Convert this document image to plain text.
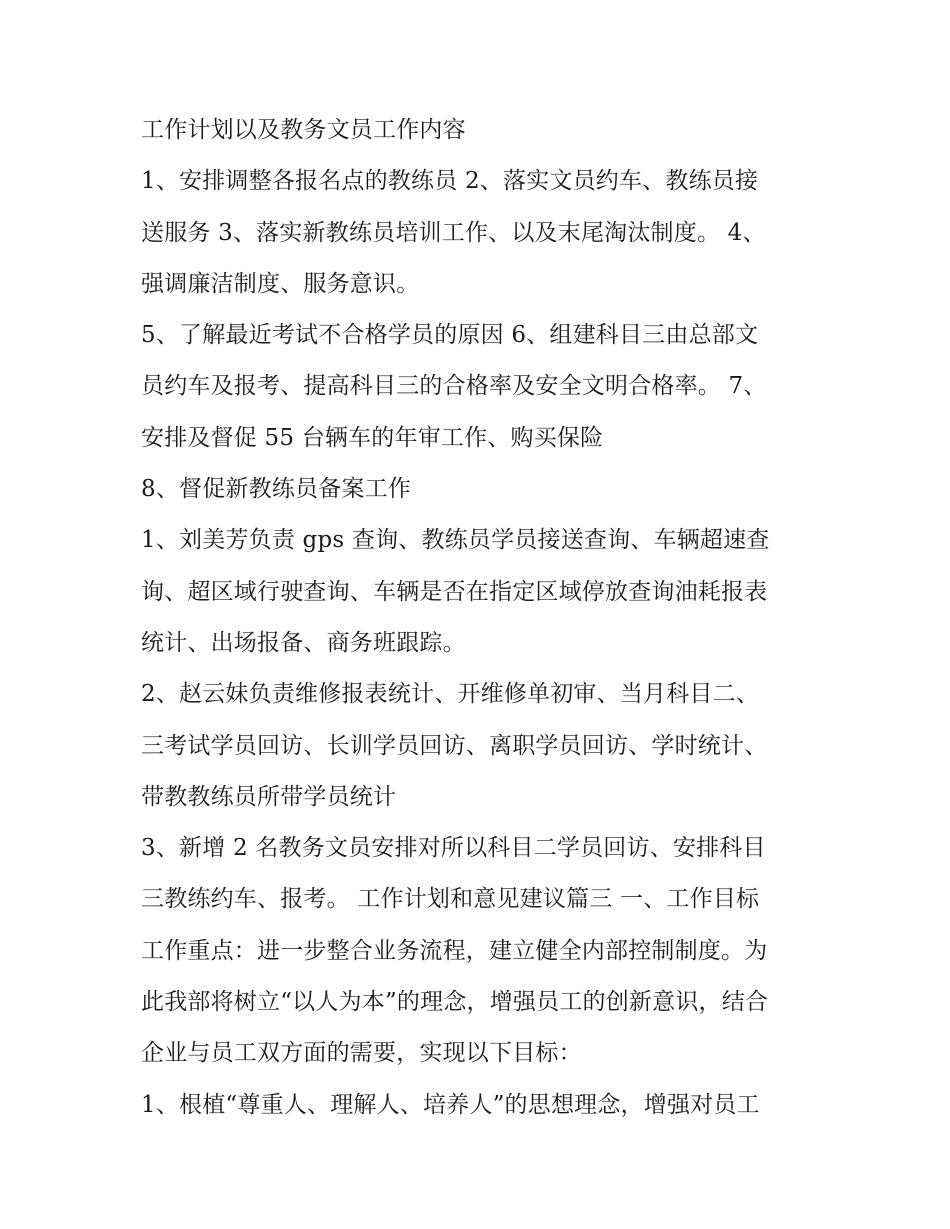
工作计划以及教务文员工作内容

1、安排调整各报名点的教练员 2、落实文员约车、教练员接

送服务 3、落实新教练员培训工作、以及末尾淘汰制度。 4、

强调廉洁制度、服务意识。

5、了解最近考试不合格学员的原因 6、组建科目三由总部文

员约车及报考、提高科目三的合格率及安全文明合格率。 7、

安排及督促 55 台辆车的年审工作、购买保险

8、督促新教练员备案工作

1、刘美芳负责 gps 查询、教练员学员接送查询、车辆超速查

询、超区域行驶查询、车辆是否在指定区域停放查询油耗报表

统计、出场报备、商务班跟踪。

2、赵云妹负责维修报表统计、开维修单初审、当月科目二、

三考试学员回访、长训学员回访、离职学员回访、学时统计、

带教教练员所带学员统计

3、新增 2 名教务文员安排对所以科目二学员回访、安排科目

三教练约车、报考。 工作计划和意见建议篇三 一、工作目标

工作重点：进一步整合业务流程，建立健全内部控制制度。为

此我部将树立“以人为本”的理念，增强员工的创新意识，结合

企业与员工双方面的需要，实现以下目标：

1、根植“尊重人、理解人、培养人”的思想理念，增强对员工
